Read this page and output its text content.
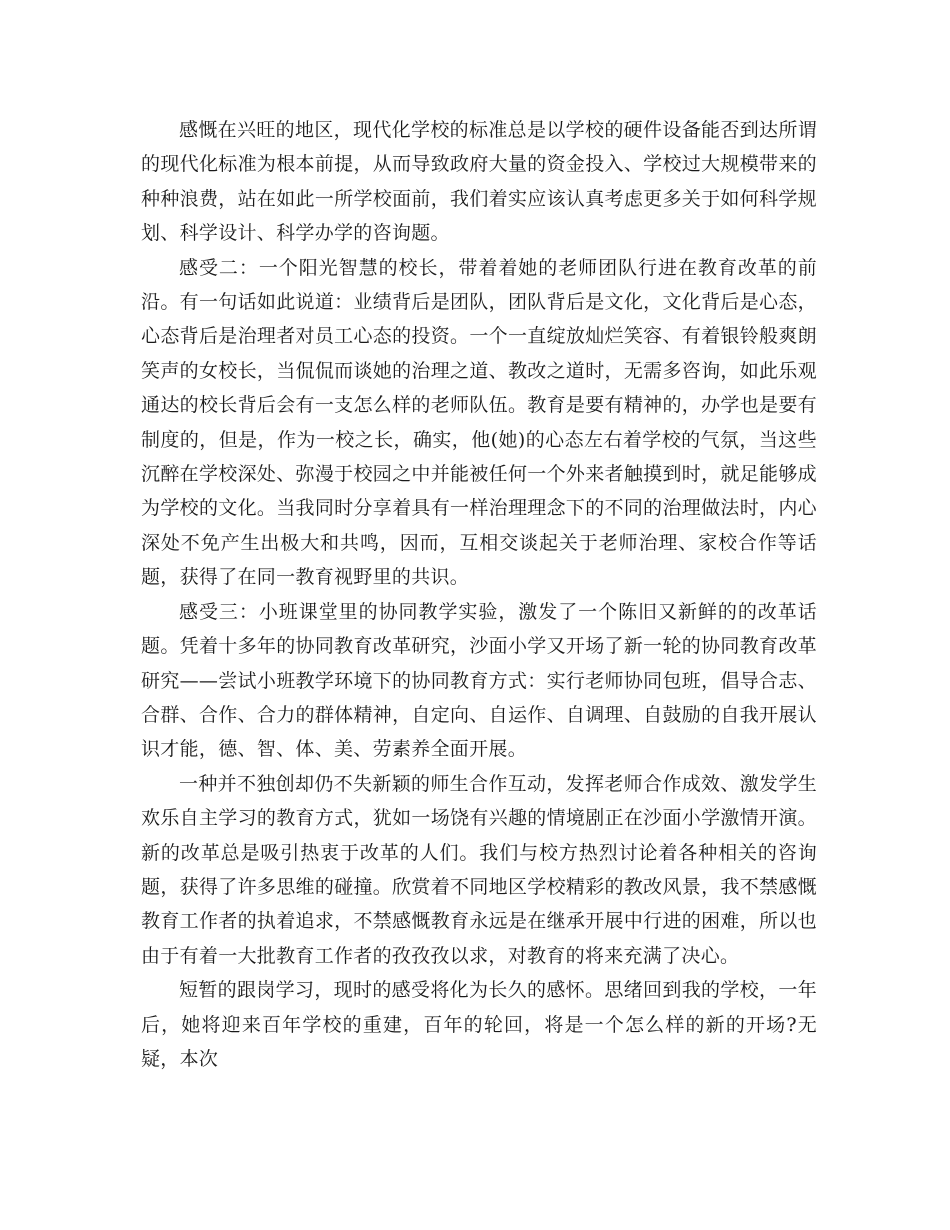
感慨在兴旺的地区，现代化学校的标准总是以学校的硬件设备能否到达所谓的现代化标准为根本前提，从而导致政府大量的资金投入、学校过大规模带来的种种浪费，站在如此一所学校面前，我们着实应该认真考虑更多关于如何科学规划、科学设计、科学办学的咨询题。

感受二：一个阳光智慧的校长，带着着她的老师团队行进在教育改革的前沿。有一句话如此说道：业绩背后是团队，团队背后是文化，文化背后是心态，心态背后是治理者对员工心态的投资。一个一直绽放灿烂笑容、有着银铃般爽朗笑声的女校长，当侃侃而谈她的治理之道、教改之道时，无需多咨询，如此乐观通达的校长背后会有一支怎么样的老师队伍。教育是要有精神的，办学也是要有制度的，但是，作为一校之长，确实，他(她)的心态左右着学校的气氛，当这些沉醉在学校深处、弥漫于校园之中并能被任何一个外来者触摸到时，就足能够成为学校的文化。当我同时分享着具有一样治理理念下的不同的治理做法时，内心深处不免产生出极大和共鸣，因而，互相交谈起关于老师治理、家校合作等话题，获得了在同一教育视野里的共识。

感受三：小班课堂里的协同教学实验，激发了一个陈旧又新鲜的的改革话题。凭着十多年的协同教育改革研究，沙面小学又开场了新一轮的协同教育改革研究——尝试小班教学环境下的协同教育方式：实行老师协同包班，倡导合志、合群、合作、合力的群体精神，自定向、自运作、自调理、自鼓励的自我开展认识才能，德、智、体、美、劳素养全面开展。

一种并不独创却仍不失新颖的师生合作互动，发挥老师合作成效、激发学生欢乐自主学习的教育方式，犹如一场饶有兴趣的情境剧正在沙面小学激情开演。新的改革总是吸引热衷于改革的人们。我们与校方热烈讨论着各种相关的咨询题，获得了许多思维的碰撞。欣赏着不同地区学校精彩的教改风景，我不禁感慨教育工作者的执着追求，不禁感慨教育永远是在继承开展中行进的困难，所以也由于有着一大批教育工作者的孜孜孜以求，对教育的将来充满了决心。

短暂的跟岗学习，现时的感受将化为长久的感怀。思绪回到我的学校，一年后，她将迎来百年学校的重建，百年的轮回，将是一个怎么样的新的开场?无疑，本次
